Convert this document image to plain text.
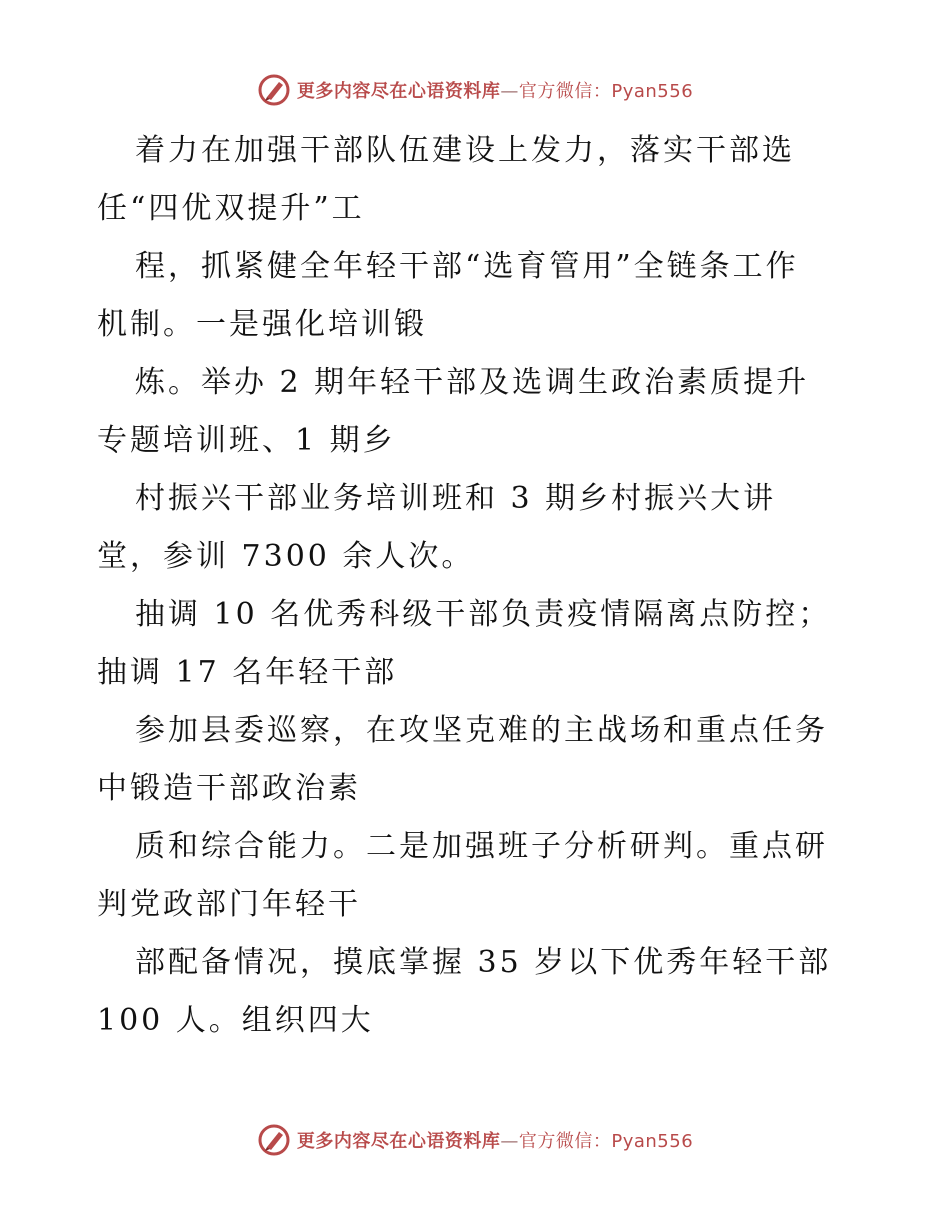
更多内容尽在心语资料库—官方微信：Pyan556

着力在加强干部队伍建设上发力，落实干部选
任“四优双提升”工

程，抓紧健全年轻干部“选育管用”全链条工作
机制。一是强化培训锻

炼。举办 2 期年轻干部及选调生政治素质提升
专题培训班、1 期乡

村振兴干部业务培训班和 3 期乡村振兴大讲
堂，参训 7300 余人次。

抽调 10 名优秀科级干部负责疫情隔离点防控；
抽调 17 名年轻干部

参加县委巡察，在攻坚克难的主战场和重点任务
中锻造干部政治素

质和综合能力。二是加强班子分析研判。重点研
判党政部门年轻干

部配备情况，摸底掌握 35 岁以下优秀年轻干部
100 人。组织四大

更多内容尽在心语资料库—官方微信：Pyan556
